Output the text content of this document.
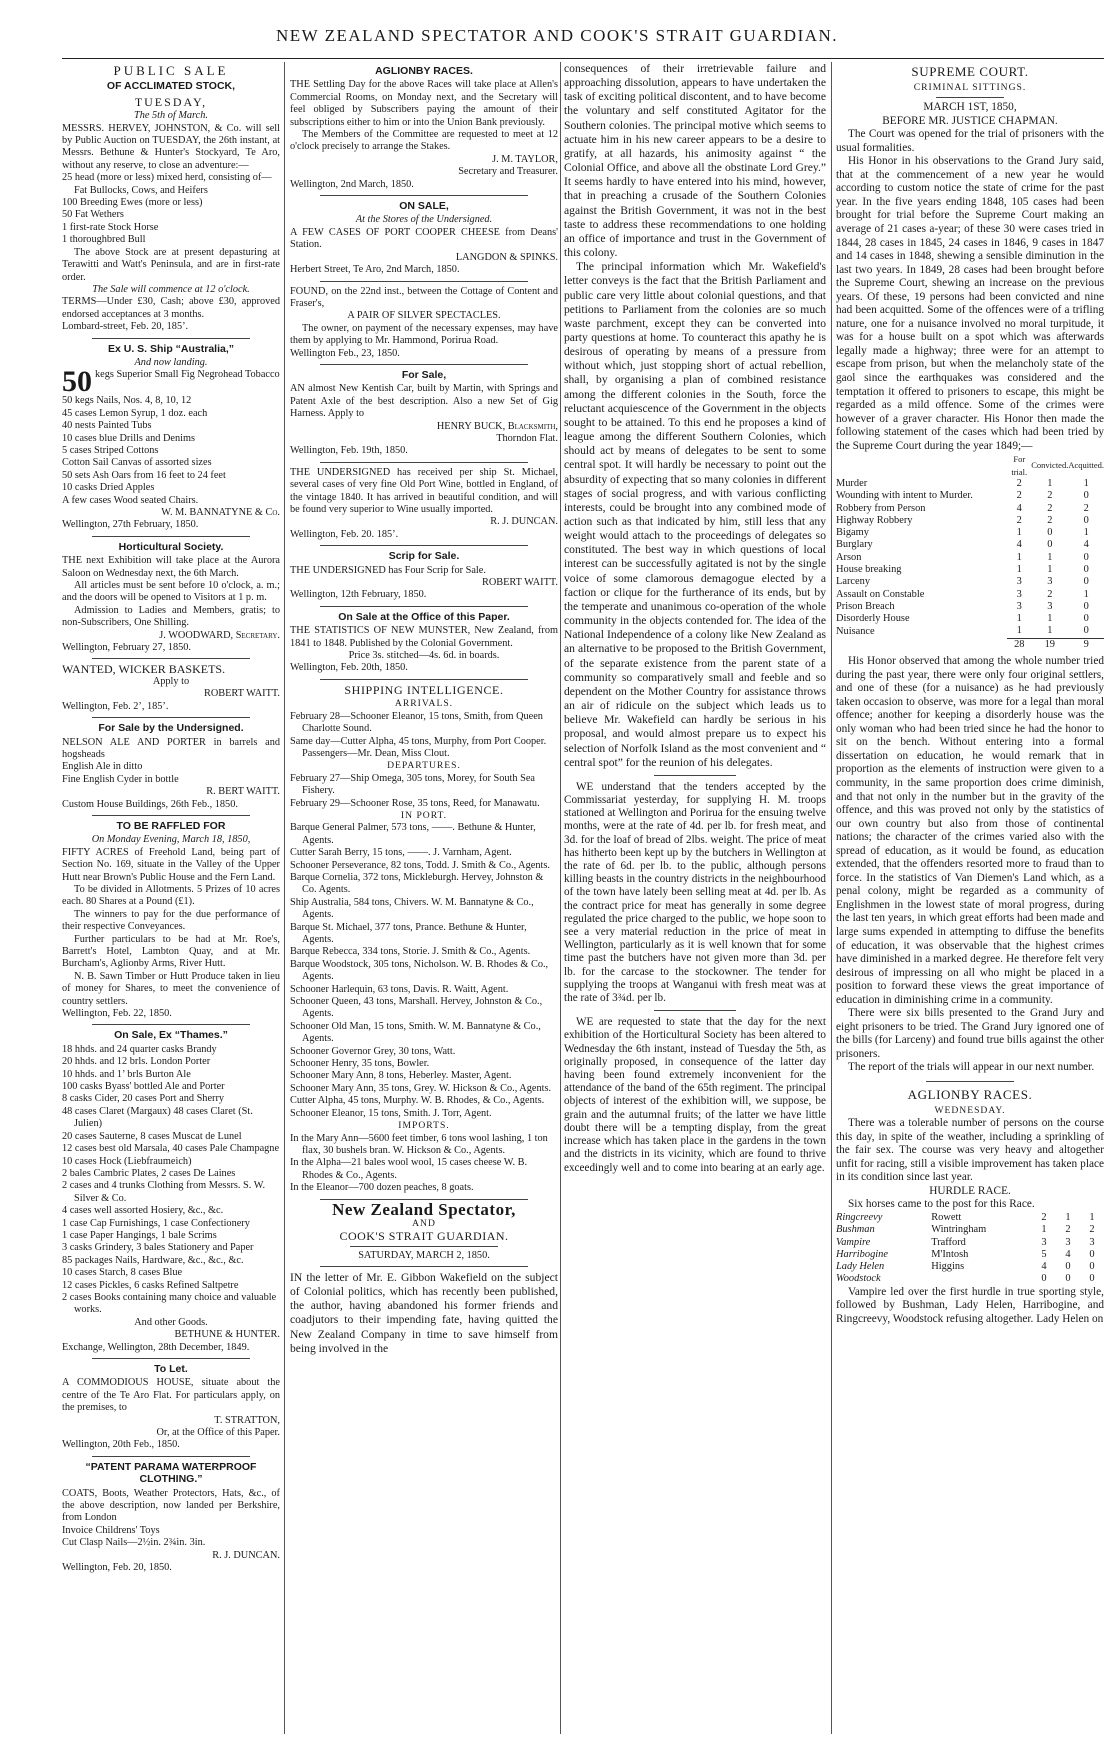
NEW ZEALAND SPECTATOR AND COOK'S STRAIT GUARDIAN.
PUBLIC SALE
OF ACCLIMATED STOCK,
TUESDAY,

The 5th of March.

MESSRS. HERVEY, JOHNSTON, & Co. will sell by Public Auction on TUESDAY, the 26th instant, at Messrs. Bethune & Hunter's Stockyard, Te Aro, without any reserve, to close an adventure:—

25 head (more or less) mixed herd, consisting of—Fat Bullocks, Cows, and Heifers
100 Breeding Ewes (more or less)
50 Fat Wethers
1 first-rate Stock Horse
1 thoroughbred Bull

The above Stock are at present depasturing at Terawitti and Watt's Peninsula, and are in first-rate order.

The Sale will commence at 12 o'clock.

TERMS—Under £30, Cash; above £30, approved endorsed acceptances at 3 months.

Lombard-street, Feb. 20, 185’.

Ex U. S. Ship “Australia,”

And now landing.

50 kegs Superior Small Fig Negrohead Tobacco

50 kegs Nails, Nos. 4, 8, 10, 12
45 cases Lemon Syrup, 1 doz. each
40 nests Painted Tubs
10 cases blue Drills and Denims
5 cases Striped Cottons
Cotton Sail Canvas of assorted sizes
50 sets Ash Oars from 16 feet to 24 feet
10 casks Dried Apples
A few cases Wood seated Chairs.

W. M. BANNATYNE & Co.

Wellington, 27th February, 1850.

Horticultural Society.

THE next Exhibition will take place at the Aurora Saloon on Wednesday next, the 6th March.

All articles must be sent before 10 o'clock, a. m.; and the doors will be opened to Visitors at 1 p. m.

Admission to Ladies and Members, gratis; to non-Subscribers, One Shilling.

J. WOODWARD, Secretary.

Wellington, February 27, 1850.

WANTED, WICKER BASKETS.

Apply to

ROBERT WAITT.

Wellington, Feb. 2’, 185’.

For Sale by the Undersigned.

NELSON ALE AND PORTER in barrels and hogsheads

English Ale in ditto
Fine English Cyder in bottle

R. BERT WAITT.

Custom House Buildings, 26th Feb., 1850.

TO BE RAFFLED FOR

On Monday Evening, March 18, 1850,

FIFTY ACRES of Freehold Land, being part of Section No. 169, situate in the Valley of the Upper Hutt near Brown's Public House and the Fern Land.

To be divided in Allotments. 5 Prizes of 10 acres each. 80 Shares at a Pound (£1).

The winners to pay for the due performance of their respective Conveyances.

Further particulars to be had at Mr. Roe's, Barrett's Hotel, Lambton Quay, and at Mr. Burcham's, Aglionby Arms, River Hutt.

N. B. Sawn Timber or Hutt Produce taken in lieu of money for Shares, to meet the convenience of country settlers.

Wellington, Feb. 22, 1850.

On Sale, Ex “Thames.”
18 hhds. and 24 quarter casks Brandy
20 hhds. and 12 brls. London Porter
10 hhds. and 1’ brls Burton Ale
100 casks Byass' bottled Ale and Porter
8 casks Cider, 20 cases Port and Sherry
48 cases Claret (Margaux) 48 cases Claret (St. Julien)
20 cases Sauterne, 8 cases Muscat de Lunel
12 cases best old Marsala, 40 cases Pale Champagne
10 cases Hock (Liebfraumeich)
2 bales Cambric Plates, 2 cases De Laines
2 cases and 4 trunks Clothing from Messrs. S. W. Silver & Co.
4 cases well assorted Hosiery, &c., &c.
1 case Cap Furnishings, 1 case Confectionery
1 case Paper Hangings, 1 bale Scrims
3 casks Grindery, 3 bales Stationery and Paper
85 packages Nails, Hardware, &c., &c., &c.
10 cases Starch, 8 cases Blue
12 cases Pickles, 6 casks Refined Saltpetre
2 cases Books containing many choice and valuable works.

And other Goods.

BETHUNE & HUNTER.

Exchange, Wellington, 28th December, 1849.

To Let.

A COMMODIOUS HOUSE, situate about the centre of the Te Aro Flat. For particulars apply, on the premises, to

T. STRATTON,

Or, at the Office of this Paper.

Wellington, 20th Feb., 1850.

“PATENT PARAMA WATERPROOF CLOTHING.”

COATS, Boots, Weather Protectors, Hats, &c., of the above description, now landed per Berkshire, from London

Invoice Childrens' Toys
Cut Clasp Nails—2½in. 2¾in. 3in.

R. J. DUNCAN.

Wellington, Feb. 20, 1850.

AGLIONBY RACES.

THE Settling Day for the above Races will take place at Allen's Commercial Rooms, on Monday next, and the Secretary will feel obliged by Subscribers paying the amount of their subscriptions either to him or into the Union Bank previously.

The Members of the Committee are requested to meet at 12 o'clock precisely to arrange the Stakes.

J. M. TAYLOR,

Secretary and Treasurer.

Wellington, 2nd March, 1850.

ON SALE,

At the Stores of the Undersigned.

A FEW CASES OF PORT COOPER CHEESE from Deans' Station.

LANGDON & SPINKS.

Herbert Street, Te Aro, 2nd March, 1850.

FOUND, on the 22nd inst., between the Cottage of Content and Fraser's,

A PAIR OF SILVER SPECTACLES.

The owner, on payment of the necessary expenses, may have them by applying to Mr. Hammond, Porirua Road.

Wellington Feb., 23, 1850.

For Sale,

AN almost New Kentish Car, built by Martin, with Springs and Patent Axle of the best description. Also a new Set of Gig Harness. Apply to

HENRY BUCK, Blacksmith,

Thorndon Flat.

Wellington, Feb. 19th, 1850.

THE UNDERSIGNED has received per ship St. Michael, several cases of very fine Old Port Wine, bottled in England, of the vintage 1840. It has arrived in beautiful condition, and will be found very superior to Wine usually imported.

R. J. DUNCAN.

Wellington, Feb. 20. 185’.

Scrip for Sale.

THE UNDERSIGNED has Four Scrip for Sale.

ROBERT WAITT.

Wellington, 12th February, 1850.

On Sale at the Office of this Paper.

THE STATISTICS OF NEW MUNSTER, New Zealand, from 1841 to 1848. Published by the Colonial Government.

Price 3s. stitched—4s. 6d. in boards.

Wellington, Feb. 20th, 1850.

SHIPPING INTELLIGENCE.

ARRIVALS.

February 28—Schooner Eleanor, 15 tons, Smith, from Queen Charlotte Sound.
Same day—Cutter Alpha, 45 tons, Murphy, from Port Cooper. Passengers—Mr. Dean, Miss Clout.

DEPARTURES.

February 27—Ship Omega, 305 tons, Morey, for South Sea Fishery.
February 29—Schooner Rose, 35 tons, Reed, for Manawatu.

IN PORT.

Barque General Palmer, 573 tons, ——. Bethune & Hunter, Agents.
Cutter Sarah Berry, 15 tons, ——. J. Varnham, Agent.
Schooner Perseverance, 82 tons, Todd. J. Smith & Co., Agents.
Barque Cornelia, 372 tons, Mickleburgh. Hervey, Johnston & Co. Agents.
Ship Australia, 584 tons, Chivers. W. M. Bannatyne & Co., Agents.
Barque St. Michael, 377 tons, Prance. Bethune & Hunter, Agents.
Barque Rebecca, 334 tons, Storie. J. Smith & Co., Agents.
Barque Woodstock, 305 tons, Nicholson. W. B. Rhodes & Co., Agents.
Schooner Harlequin, 63 tons, Davis. R. Waitt, Agent.
Schooner Queen, 43 tons, Marshall. Hervey, Johnston & Co., Agents.
Schooner Old Man, 15 tons, Smith. W. M. Bannatyne & Co., Agents.
Schooner Governor Grey, 30 tons, Watt.
Schooner Henry, 35 tons, Bowler.
Schooner Mary Ann, 8 tons, Heberley. Master, Agent.
Schooner Mary Ann, 35 tons, Grey. W. Hickson & Co., Agents.
Cutter Alpha, 45 tons, Murphy. W. B. Rhodes, & Co., Agents.
Schooner Eleanor, 15 tons, Smith. J. Torr, Agent.

IMPORTS.

In the Mary Ann—5600 feet timber, 6 tons wool lashing, 1 ton flax, 30 bushels bran. W. Hickson & Co., Agents.
In the Alpha—21 bales wool wool, 15 cases cheese W. B. Rhodes & Co., Agents.
In the Eleanor—700 dozen peaches, 8 goats.
New Zealand Spectator,

AND

COOK'S STRAIT GUARDIAN.

SATURDAY, MARCH 2, 1850.

IN the letter of Mr. E. Gibbon Wakefield on the subject of Colonial politics, which has recently been published, the author, having abandoned his former friends and coadjutors to their impending fate, having quitted the New Zealand Company in time to save himself from being involved in the

consequences of their irretrievable failure and approaching dissolution, appears to have undertaken the task of exciting political discontent, and to have become the voluntary and self constituted Agitator for the Southern colonies. The principal motive which seems to actuate him in his new career appears to be a desire to gratify, at all hazards, his animosity against “ the Colonial Office, and above all the obstinate Lord Grey.” It seems hardly to have entered into his mind, however, that in preaching a crusade of the Southern Colonies against the British Government, it was not in the best taste to address these recommendations to one holding an office of importance and trust in the Government of this colony.

The principal information which Mr. Wakefield's letter conveys is the fact that the British Parliament and public care very little about colonial questions, and that petitions to Parliament from the colonies are so much waste parchment, except they can be converted into party questions at home. To counteract this apathy he is desirous of operating by means of a pressure from without which, just stopping short of actual rebellion, shall, by organising a plan of combined resistance among the different colonies in the South, force the reluctant acquiescence of the Government in the objects sought to be attained. To this end he proposes a kind of league among the different Southern Colonies, which should act by means of delegates to be sent to some central spot. It will hardly be necessary to point out the absurdity of expecting that so many colonies in different stages of social progress, and with various conflicting interests, could be brought into any combined mode of action such as that indicated by him, still less that any weight would attach to the proceedings of delegates so constituted. The best way in which questions of local interest can be successfully agitated is not by the single voice of some clamorous demagogue elected by a faction or clique for the furtherance of its ends, but by the temperate and unanimous co-operation of the whole community in the objects contended for. The idea of the National Independence of a colony like New Zealand as an alternative to be proposed to the British Government, of the separate existence from the parent state of a community so comparatively small and feeble and so dependent on the Mother Country for assistance throws an air of ridicule on the subject which leads us to believe Mr. Wakefield can hardly be serious in his proposal, and would almost prepare us to expect his selection of Norfolk Island as the most convenient and “ central spot” for the reunion of his delegates.

WE understand that the tenders accepted by the Commissariat yesterday, for supplying H. M. troops stationed at Wellington and Porirua for the ensuing twelve months, were at the rate of 4d. per lb. for fresh meat, and 3d. for the loaf of bread of 2lbs. weight. The price of meat has hitherto been kept up by the butchers in Wellington at the rate of 6d. per lb. to the public, although persons killing beasts in the country districts in the neighbourhood of the town have lately been selling meat at 4d. per lb. As the contract price for meat has generally in some degree regulated the price charged to the public, we hope soon to see a very material reduction in the price of meat in Wellington, particularly as it is well known that for some time past the butchers have not given more than 3d. per lb. for the carcase to the stockowner. The tender for supplying the troops at Wanganui with fresh meat was at the rate of 3¾d. per lb.

WE are requested to state that the day for the next exhibition of the Horticultural Society has been altered to Wednesday the 6th instant, instead of Tuesday the 5th, as originally proposed, in consequence of the latter day having been found extremely inconvenient for the attendance of the band of the 65th regiment. The principal objects of interest of the exhibition will, we suppose, be grain and the autumnal fruits; of the latter we have little doubt there will be a tempting display, from the great increase which has taken place in the gardens in the town and the districts in its vicinity, which are found to thrive exceedingly well and to come into bearing at an early age.

SUPREME COURT.

CRIMINAL SITTINGS.

MARCH 1ST, 1850,

BEFORE MR. JUSTICE CHAPMAN.

The Court was opened for the trial of prisoners with the usual formalities.

His Honor in his observations to the Grand Jury said, that at the commencement of a new year he would according to custom notice the state of crime for the past year. In the five years ending 1848, 105 cases had been brought for trial before the Supreme Court making an average of 21 cases a-year; of these 30 were cases tried in 1844, 28 cases in 1845, 24 cases in 1846, 9 cases in 1847 and 14 cases in 1848, shewing a sensible diminution in the last two years. In 1849, 28 cases had been brought before the Supreme Court, shewing an increase on the previous years. Of these, 19 persons had been convicted and nine had been acquitted. Some of the offences were of a trifling nature, one for a nuisance involved no moral turpitude, it was for a house built on a spot which was afterwards legally made a highway; three were for an attempt to escape from prison, but when the melancholy state of the gaol since the earthquakes was considered and the temptation it offered to prisoners to escape, this might be regarded as a mild offence. Some of the crimes were however of a graver character. His Honor then made the following statement of the cases which had been tried by the Supreme Court during the year 1849;—

	For trial.	Convicted.	Acquitted.
Murder	2	1	1
Wounding with intent to Murder.	2	2	0
Robbery from Person	4	2	2
Highway Robbery	2	2	0
Bigamy	1	0	1
Burglary	4	0	4
Arson	1	1	0
House breaking	1	1	0
Larceny	3	3	0
Assault on Constable	3	2	1
Prison Breach	3	3	0
Disorderly House	1	1	0
Nuisance	1	1	0
	28	19	9

His Honor observed that among the whole number tried during the past year, there were only four original settlers, and one of these (for a nuisance) as he had previously taken occasion to observe, was more for a legal than moral offence; another for keeping a disorderly house was the only woman who had been tried since he had the honor to sit on the bench. Without entering into a formal dissertation on education, he would remark that in proportion as the elements of instruction were given to a community, in the same proportion does crime diminish, and that not only in the number but in the gravity of the offence, and this was proved not only by the statistics of our own country but also from those of continental nations; the character of the crimes varied also with the spread of education, as it would be found, as education extended, that the offenders resorted more to fraud than to force. In the statistics of Van Diemen's Land which, as a penal colony, might be regarded as a community of Englishmen in the lowest state of moral progress, during the last ten years, in which great efforts had been made and large sums expended in attempting to diffuse the benefits of education, it was observable that the highest crimes have diminished in a marked degree. He therefore felt very desirous of impressing on all who might be placed in a position to forward these views the great importance of education in diminishing crime in a community.

There were six bills presented to the Grand Jury and eight prisoners to be tried. The Grand Jury ignored one of the bills (for Larceny) and found true bills against the other prisoners.

The report of the trials will appear in our next number.

AGLIONBY RACES.

WEDNESDAY.

There was a tolerable number of persons on the course this day, in spite of the weather, including a sprinkling of the fair sex. The course was very heavy and altogether unfit for racing, still a visible improvement has taken place in its condition since last year.

HURDLE RACE.

Six horses came to the post for this Race.

Ringcreevy	Rowett	2	1	1
Bushman	Wintringham	1	2	2
Vampire	Trafford	3	3	3
Harribogine	M'Intosh	5	4	0
Lady Helen	Higgins	4	0	0
Woodstock		0	0	0

Vampire led over the first hurdle in true sporting style, followed by Bushman, Lady Helen, Harribogine, and Ringcreevy, Woodstock refusing altogether. Lady Helen on
